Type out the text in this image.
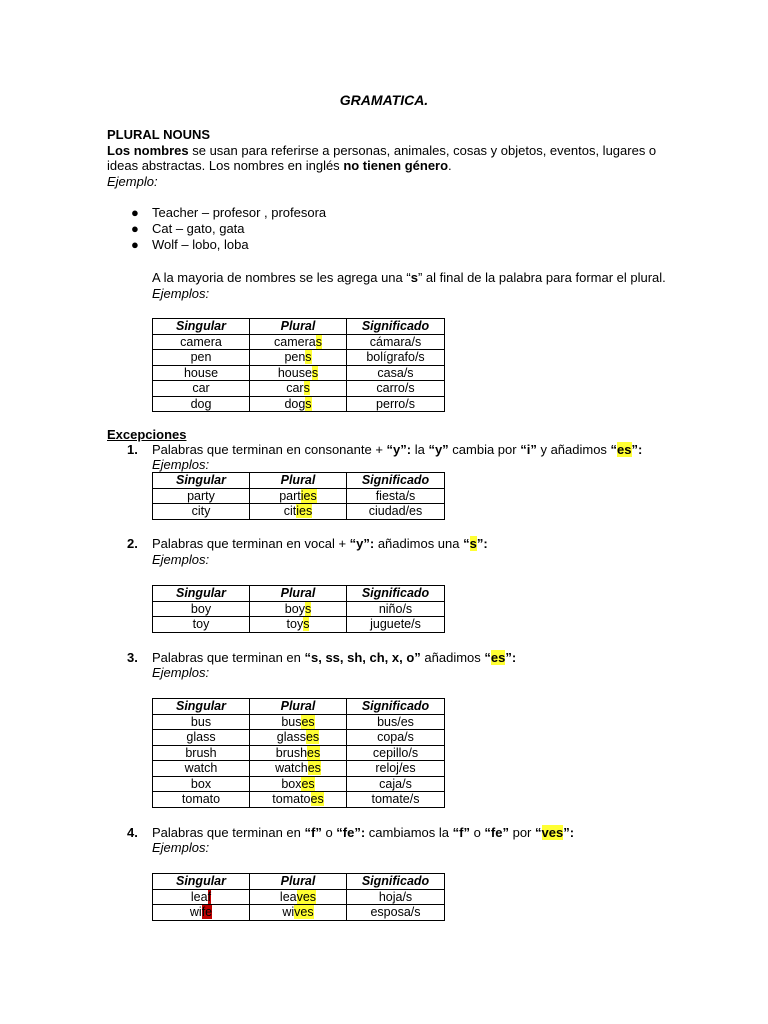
GRAMATICA.
PLURAL NOUNS
Los nombres se usan para referirse a personas, animales, cosas y objetos, eventos, lugares o
ideas abstractas. Los nombres en inglés no tienen género.
Ejemplo:
● Teacher – profesor , profesora
● Cat – gato, gata
● Wolf – lobo, loba
A la mayoria de nombres se les agrega una “s” al final de la palabra para formar el plural.
Ejemplos:
Singular	Plural	Significado
camera	cameras	cámara/s
pen	pens	bolígrafo/s
house	houses	casa/s
car	cars	carro/s
dog	dogs	perro/s
Excepciones
1. Palabras que terminan en consonante + “y”: la “y” cambia por “i” y añadimos “es”:
Ejemplos:
Singular	Plural	Significado
party	parties	fiesta/s
city	cities	ciudad/es
2. Palabras que terminan en vocal + “y”: añadimos una “s”:
Ejemplos:
Singular	Plural	Significado
boy	boys	niño/s
toy	toys	juguete/s
3. Palabras que terminan en “s, ss, sh, ch, x, o” añadimos “es”:
Ejemplos:
Singular	Plural	Significado
bus	buses	bus/es
glass	glasses	copa/s
brush	brushes	cepillo/s
watch	watches	reloj/es
box	boxes	caja/s
tomato	tomatoes	tomate/s
4. Palabras que terminan en “f” o “fe”: cambiamos la “f” o “fe” por “ves”:
Ejemplos:
Singular	Plural	Significado
leaf	leaves	hoja/s
wife	wives	esposa/s
